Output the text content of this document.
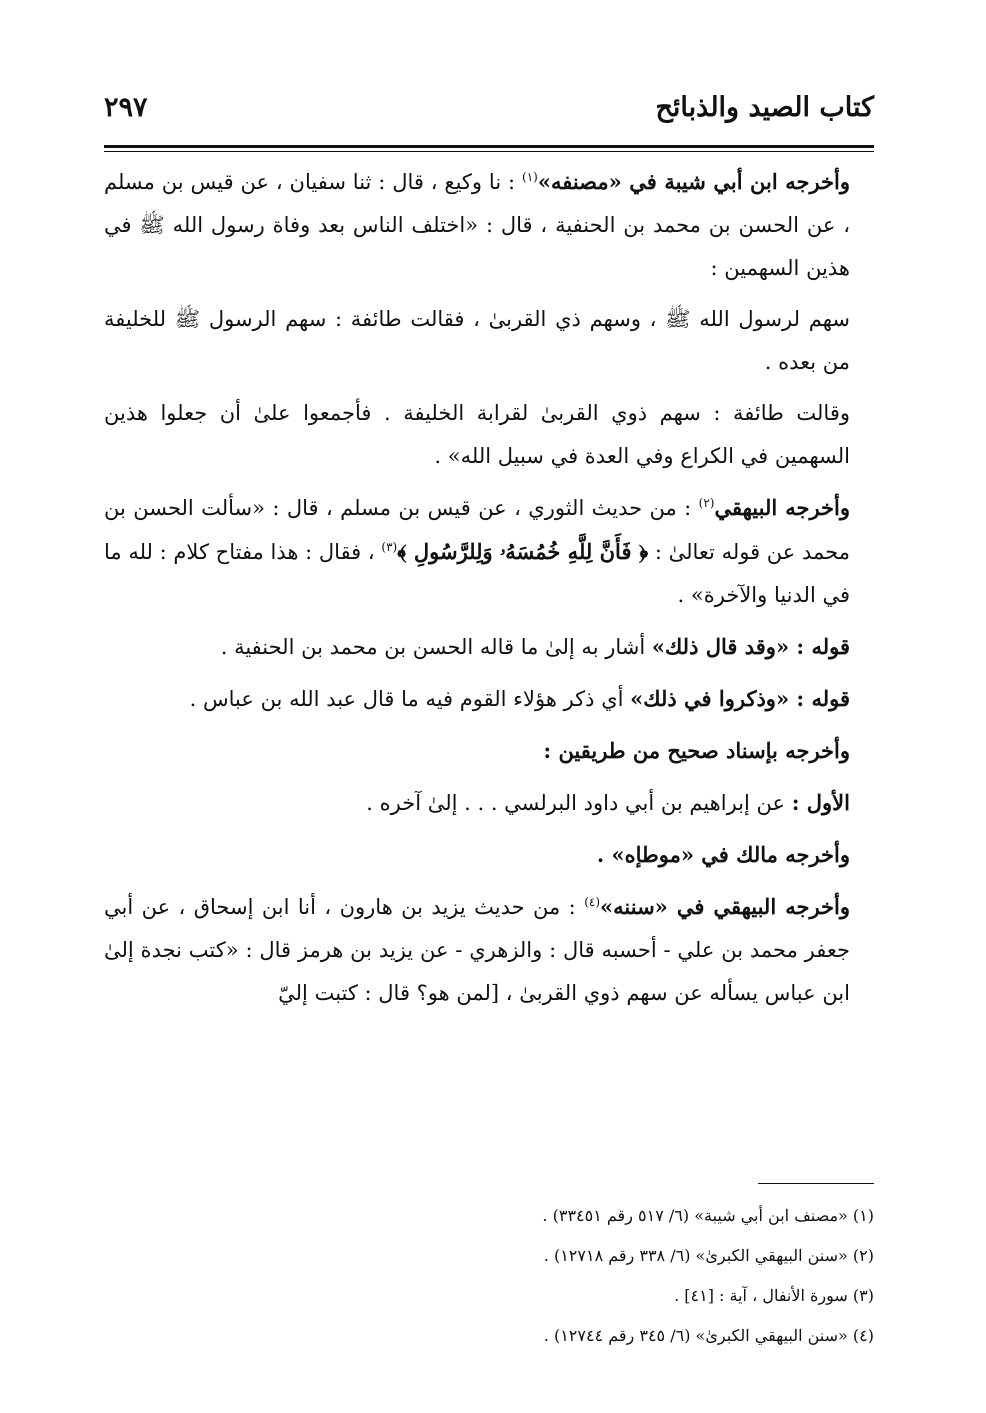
كتاب الصيد والذبائح
٢٩٧

وأخرجه ابن أبي شيبة في «مصنفه»$^{(١)}$ : نا وكيع ، قال : ثنا سفيان ، عن قيس بن مسلم ، عن الحسن بن محمد بن الحنفية ، قال : «اختلف الناس بعد وفاة رسول الله ﷺ في هذين السهمين :

سهم لرسول الله ﷺ ، وسهم ذي القربىٰ ، فقالت طائفة : سهم الرسول ﷺ للخليفة من بعده .

وقالت طائفة : سهم ذوي القربىٰ لقرابة الخليفة . فأجمعوا علىٰ أن جعلوا هذين السهمين في الكراع وفي العدة في سبيل الله» .

وأخرجه البيهقي$^{(٢)}$ : من حديث الثوري ، عن قيس بن مسلم ، قال : «سألت الحسن بن محمد عن قوله تعالىٰ : ﴿ فَأَنَّ لِلَّهِ خُمُسَهُۥ وَلِلرَّسُولِ ﴾$^{(٣)}$ ، فقال : هذا مفتاح كلام : لله ما في الدنيا والآخرة» .

قوله : «وقد قال ذلك» أشار به إلىٰ ما قاله الحسن بن محمد بن الحنفية .

قوله : «وذكروا في ذلك» أي ذكر هؤلاء القوم فيه ما قال عبد الله بن عباس .

وأخرجه بإسناد صحيح من طريقين :

الأول : عن إبراهيم بن أبي داود البرلسي . . . إلىٰ آخره .

وأخرجه مالك في «موطإه» .

وأخرجه البيهقي في «سننه»$^{(٤)}$ : من حديث يزيد بن هارون ، أنا ابن إسحاق ، عن أبي جعفر محمد بن علي - أحسبه قال : والزهري - عن يزيد بن هرمز قال : «كتب نجدة إلىٰ ابن عباس يسأله عن سهم ذوي القربىٰ ، [لمن هو؟ قال : كتبت إليّ

(١) «مصنف ابن أبي شيبة» (٦/ ٥١٧ رقم ٣٣٤٥١) .
(٢) «سنن البيهقي الكبرىٰ» (٦/ ٣٣٨ رقم ١٢٧١٨) .
(٣) سورة الأنفال ، آية : [٤١] .
(٤) «سنن البيهقي الكبرىٰ» (٦/ ٣٤٥ رقم ١٢٧٤٤) .
